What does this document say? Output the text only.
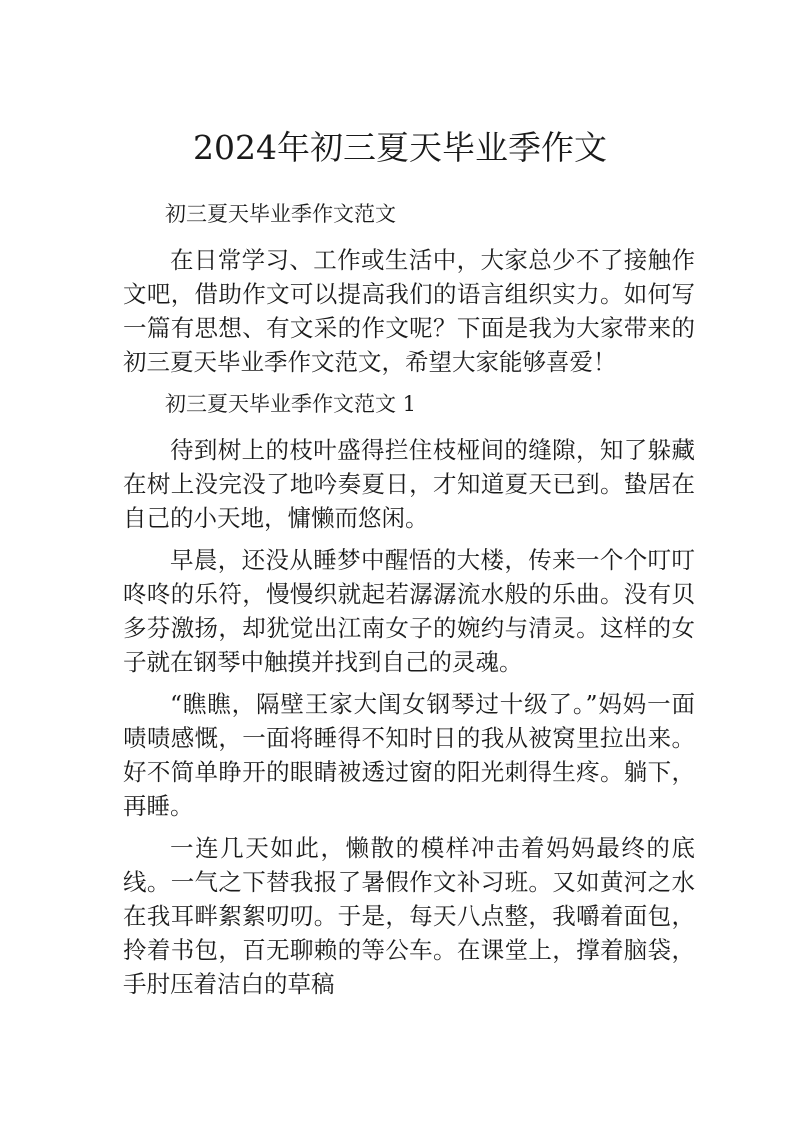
2024年初三夏天毕业季作文

初三夏天毕业季作文范文

在日常学习、工作或生活中，大家总少不了接触作文吧，借助作文可以提高我们的语言组织实力。如何写一篇有思想、有文采的作文呢？下面是我为大家带来的初三夏天毕业季作文范文，希望大家能够喜爱！

初三夏天毕业季作文范文 1

待到树上的枝叶盛得拦住枝桠间的缝隙，知了躲藏在树上没完没了地吟奏夏日，才知道夏天已到。蛰居在自己的小天地，慵懒而悠闲。

早晨，还没从睡梦中醒悟的大楼，传来一个个叮叮咚咚的乐符，慢慢织就起若潺潺流水般的乐曲。没有贝多芬激扬，却犹觉出江南女子的婉约与清灵。这样的女子就在钢琴中触摸并找到自己的灵魂。

“瞧瞧，隔壁王家大闺女钢琴过十级了。”妈妈一面啧啧感慨，一面将睡得不知时日的我从被窝里拉出来。好不简单睁开的眼睛被透过窗的阳光刺得生疼。躺下，再睡。

一连几天如此，懒散的模样冲击着妈妈最终的底线。一气之下替我报了暑假作文补习班。又如黄河之水在我耳畔絮絮叨叨。于是，每天八点整，我嚼着面包，拎着书包，百无聊赖的等公车。在课堂上，撑着脑袋，手肘压着洁白的草稿
